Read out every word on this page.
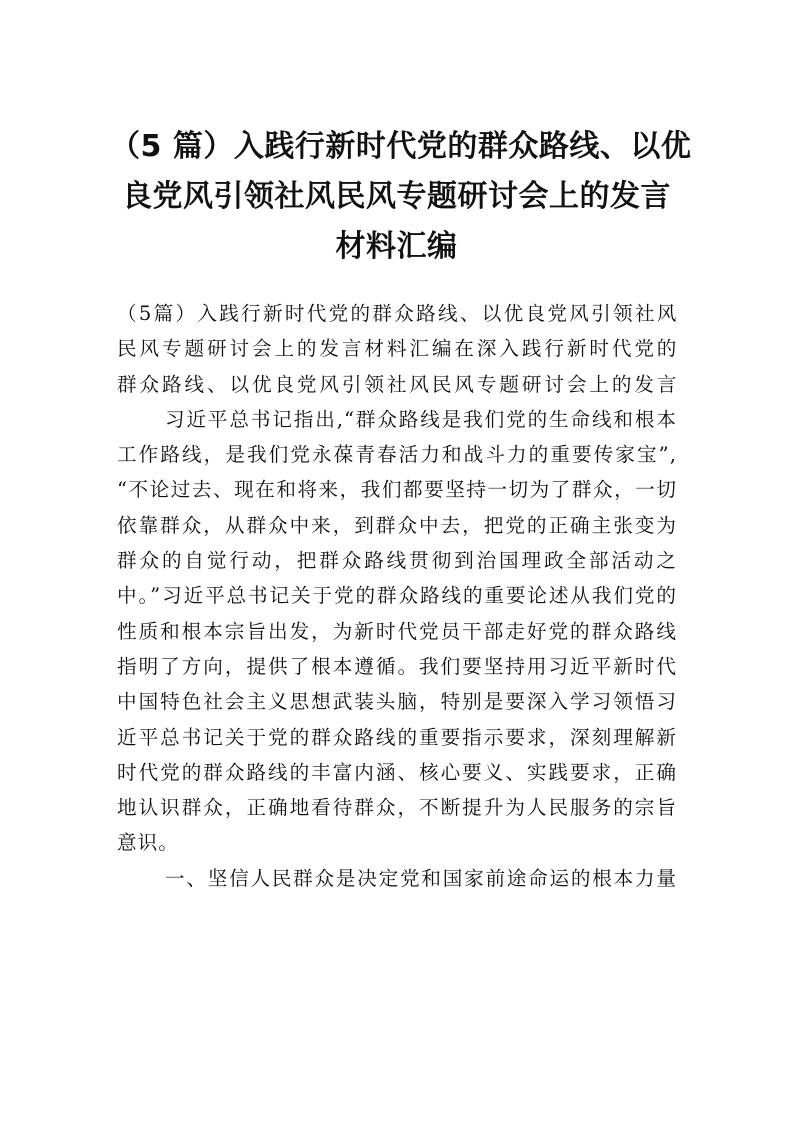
（5 篇）入践行新时代党的群众路线、以优
良党风引领社风民风专题研讨会上的发言
材料汇编
（5篇）入践行新时代党的群众路线、以优良党风引领社风
民风专题研讨会上的发言材料汇编在深入践行新时代党的
群众路线、以优良党风引领社风民风专题研讨会上的发言
习近平总书记指出,“群众路线是我们党的生命线和根本
工作路线，是我们党永葆青春活力和战斗力的重要传家宝”,
“不论过去、现在和将来，我们都要坚持一切为了群众，一切
依靠群众，从群众中来，到群众中去，把党的正确主张变为
群众的自觉行动，把群众路线贯彻到治国理政全部活动之
中。”习近平总书记关于党的群众路线的重要论述从我们党的
性质和根本宗旨出发，为新时代党员干部走好党的群众路线
指明了方向，提供了根本遵循。我们要坚持用习近平新时代
中国特色社会主义思想武装头脑，特别是要深入学习领悟习
近平总书记关于党的群众路线的重要指示要求，深刻理解新
时代党的群众路线的丰富内涵、核心要义、实践要求，正确
地认识群众，正确地看待群众，不断提升为人民服务的宗旨
意识。
一、坚信人民群众是决定党和国家前途命运的根本力量
